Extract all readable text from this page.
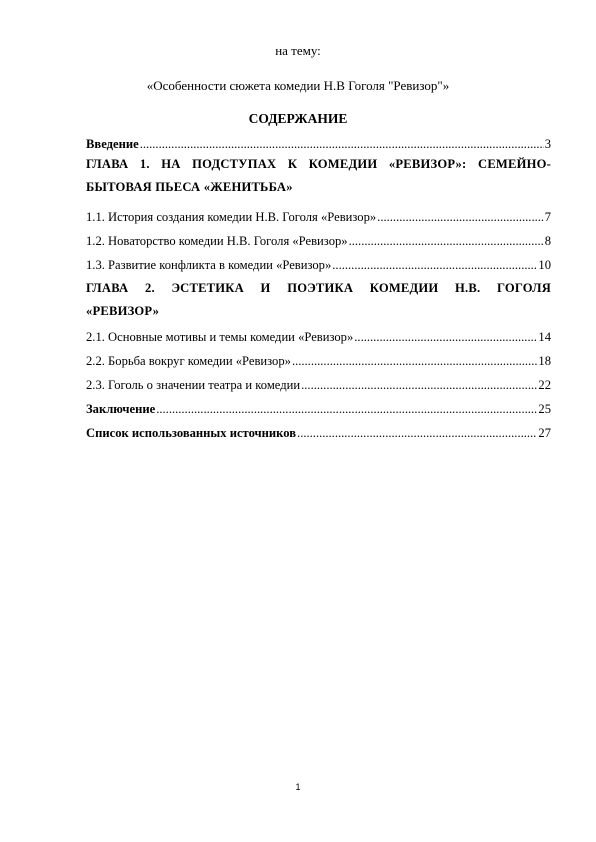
на тему:
«Особенности сюжета комедии Н.В Гоголя "Ревизор"»
СОДЕРЖАНИЕ
Введение .....	3
ГЛАВА 1. НА ПОДСТУПАХ К КОМЕДИИ «РЕВИЗОР»: СЕМЕЙНО-
БЫТОВАЯ ПЬЕСА «ЖЕНИТЬБА»
1.1. История создания комедии Н.В. Гоголя «Ревизор» .....	7
1.2. Новаторство комедии Н.В. Гоголя «Ревизор» .....	8
1.3. Развитие конфликта в комедии «Ревизор» .....	10
ГЛАВА 2. ЭСТЕТИКА И ПОЭТИКА КОМЕДИИ Н.В. ГОГОЛЯ
«РЕВИЗОР»
2.1. Основные мотивы и темы комедии «Ревизор» .....	14
2.2. Борьба вокруг комедии «Ревизор» .....	18
2.3. Гоголь о значении театра и комедии .....	22
Заключение .....	25
Список использованных источников .....	27
1
